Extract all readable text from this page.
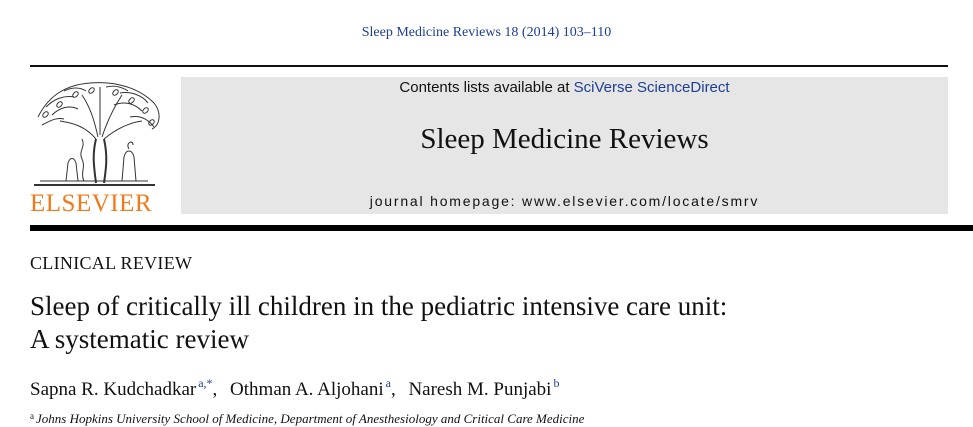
Sleep Medicine Reviews 18 (2014) 103–110
ELSEVIER
Contents lists available at SciVerse ScienceDirect
Sleep Medicine Reviews
journal homepage: www.elsevier.com/locate/smrv
CLINICAL REVIEW
Sleep of critically ill children in the pediatric intensive care unit:
A systematic review
Sapna R. Kudchadkar $^{a,*}$, Othman A. Aljohani $^a$, Naresh M. Punjabi $^b$
$^a$ Johns Hopkins University School of Medicine, Department of Anesthesiology and Critical Care Medicine
